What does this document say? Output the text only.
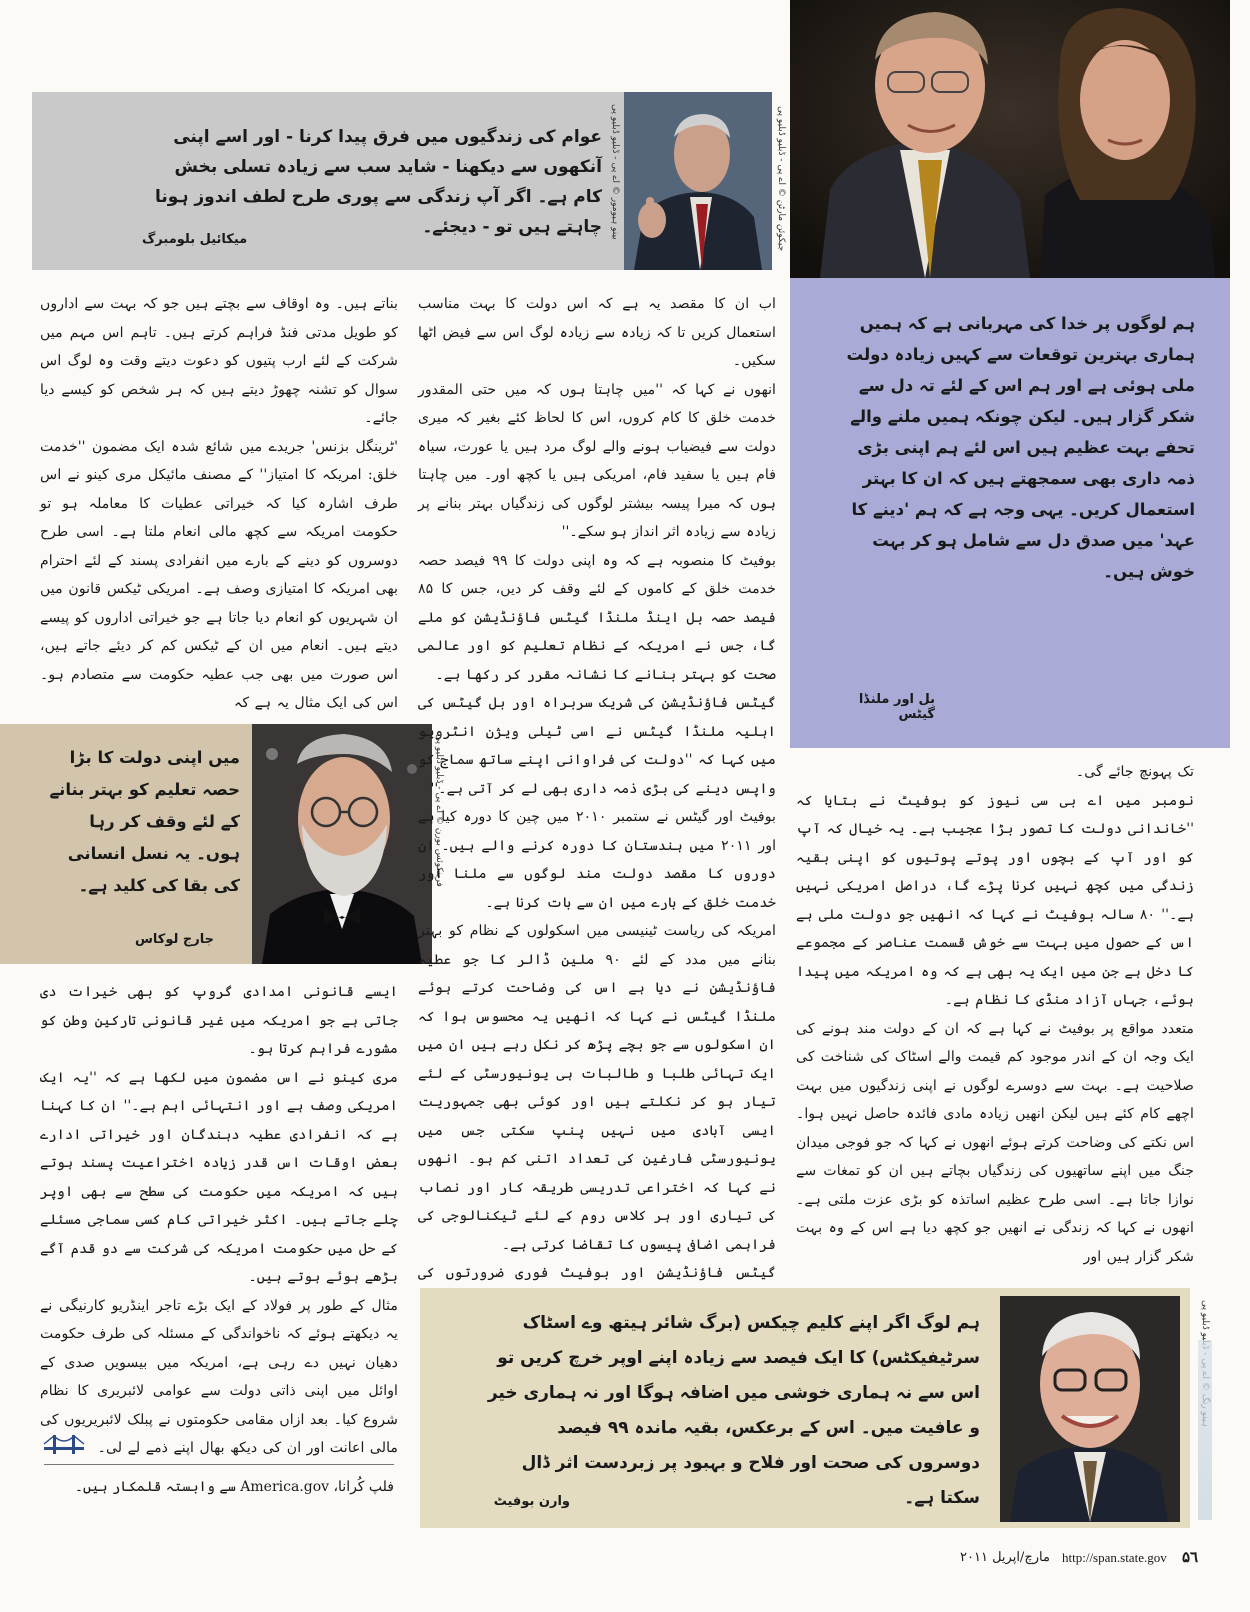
جیکوئن مارٹن © اے پی - ڈبلیو ڈبلیو پی
بینو ہیومور © اے پی - ڈبلیو ڈبلیو پی

عوام کی زندگیوں میں فرق پیدا کرنا - اور اسے اپنی آنکھوں سے دیکھنا - شاید سب سے زیادہ تسلی بخش کام ہے۔ اگر آپ زندگی سے پوری طرح لطف اندوز ہونا چاہتے ہیں تو - دیجئے۔

میکائیل بلومبرگ

ہم لوگوں پر خدا کی مہربانی ہے کہ ہمیں ہماری بہترین توقعات سے کہیں زیادہ دولت ملی ہوئی ہے اور ہم اس کے لئے تہ دل سے شکر گزار ہیں۔ لیکن چونکہ ہمیں ملنے والے تحفے بہت عظیم ہیں اس لئے ہم اپنی بڑی ذمہ داری بھی سمجھتے ہیں کہ ان کا بہتر استعمال کریں۔ یہی وجہ ہے کہ ہم 'دینے کا عہد' میں صدق دل سے شامل ہو کر بہت خوش ہیں۔

بل اور ملنڈا گیٹس

بناتے ہیں۔ وہ اوقاف سے بچتے ہیں جو کہ بہت سے اداروں کو طویل مدتی فنڈ فراہم کرتے ہیں۔ تاہم اس مہم میں شرکت کے لئے ارب پتیوں کو دعوت دیتے وقت وہ لوگ اس سوال کو تشنہ چھوڑ دیتے ہیں کہ ہر شخص کو کیسے دیا جائے۔

'ٹرینگل بزنس' جریدے میں شائع شدہ ایک مضمون ''خدمت خلق: امریکہ کا امتیاز'' کے مصنف مائیکل مری کینو نے اس طرف اشارہ کیا کہ خیراتی عطیات کا معاملہ ہو تو حکومت امریکہ سے کچھ مالی انعام ملتا ہے۔ اسی طرح دوسروں کو دینے کے بارے میں انفرادی پسند کے لئے احترام بھی امریکہ کا امتیازی وصف ہے۔ امریکی ٹیکس قانون میں ان شہریوں کو انعام دیا جاتا ہے جو خیراتی اداروں کو پیسے دیتے ہیں۔ انعام میں ان کے ٹیکس کم کر دیئے جاتے ہیں، اس صورت میں بھی جب عطیہ حکومت سے متصادم ہو۔ اس کی ایک مثال یہ ہے کہ

فرینکوئس بورن © اے پی - ڈبلیو ڈبلیو پی

میں اپنی دولت کا بڑا حصہ تعلیم کو بہتر بنانے کے لئے وقف کر رہا ہوں۔ یہ نسل انسانی کی بقا کی کلید ہے۔

جارج لوکاس

ایسے قانونی امدادی گروپ کو بھی خیرات دی جاتی ہے جو امریکہ میں غیر قانونی تارکین وطن کو مشورے فراہم کرتا ہو۔

مری کینو نے اس مضمون میں لکھا ہے کہ ''یہ ایک امریکی وصف ہے اور انتہائی اہم ہے۔'' ان کا کہنا ہے کہ انفرادی عطیہ دہندگان اور خیراتی ادارے بعض اوقات اس قدر زیادہ اختراعیت پسند ہوتے ہیں کہ امریکہ میں حکومت کی سطح سے بھی اوپر چلے جاتے ہیں۔ اکثر خیراتی کام کسی سماجی مسئلے کے حل میں حکومت امریکہ کی شرکت سے دو قدم آگے بڑھے ہوئے ہوتے ہیں۔

مثال کے طور پر فولاد کے ایک بڑے تاجر اینڈریو کارنیگی نے یہ دیکھتے ہوئے کہ ناخواندگی کے مسئلہ کی طرف حکومت دھیان نہیں دے رہی ہے، امریکہ میں بیسویں صدی کے اوائل میں اپنی ذاتی دولت سے عوامی لائبریری کا نظام شروع کیا۔ بعد ازاں مقامی حکومتوں نے پبلک لائبریریوں کی مالی اعانت اور ان کی دیکھ بھال اپنے ذمے لے لی۔

فلپ کُرانا، America.gov سے وابستہ قلمکار ہیں۔

اب ان کا مقصد یہ ہے کہ اس دولت کا بہت مناسب استعمال کریں تا کہ زیادہ سے زیادہ لوگ اس سے فیض اٹھا سکیں۔

انھوں نے کہا کہ ''میں چاہتا ہوں کہ میں حتی المقدور خدمت خلق کا کام کروں، اس کا لحاظ کئے بغیر کہ میری دولت سے فیضیاب ہونے والے لوگ مرد ہیں یا عورت، سیاہ فام ہیں یا سفید فام، امریکی ہیں یا کچھ اور۔ میں چاہتا ہوں کہ میرا پیسہ بیشتر لوگوں کی زندگیاں بہتر بنانے پر زیادہ سے زیادہ اثر انداز ہو سکے۔''

بوفیٹ کا منصوبہ ہے کہ وہ اپنی دولت کا ۹۹ فیصد حصہ خدمت خلق کے کاموں کے لئے وقف کر دیں، جس کا ۸۵ فیصد حصہ بل اینڈ ملنڈا گیٹس فاؤنڈیشن کو ملے گا، جس نے امریکہ کے نظام تعلیم کو اور عالمی صحت کو بہتر بنانے کا نشانہ مقرر کر رکھا ہے۔

گیٹس فاؤنڈیشن کی شریک سربراہ اور بل گیٹس کی اہلیہ ملنڈا گیٹس نے اسی ٹیلی ویژن انٹرویو میں کہا کہ ''دولت کی فراوانی اپنے ساتھ سماج کو واپس دینے کی بڑی ذمہ داری بھی لے کر آتی ہے۔''

بوفیٹ اور گیٹس نے ستمبر ۲۰۱۰ میں چین کا دورہ کیا ہے اور ۲۰۱۱ میں ہندستان کا دورہ کرنے والے ہیں۔ ان دوروں کا مقصد دولت مند لوگوں سے ملنا اور خدمت خلق کے بارے میں ان سے بات کرنا ہے۔

امریکہ کی ریاست ٹینیسی میں اسکولوں کے نظام کو بہتر بنانے میں مدد کے لئے ۹۰ ملین ڈالر کا جو عطیہ فاؤنڈیشن نے دیا ہے اس کی وضاحت کرتے ہوئے ملنڈا گیٹس نے کہا کہ انھیں یہ محسوس ہوا کہ ان اسکولوں سے جو بچے پڑھ کر نکل رہے ہیں ان میں ایک تہائی طلبا و طالبات ہی یونیورسٹی کے لئے تیار ہو کر نکلتے ہیں اور کوئی بھی جمہوریت ایسی آبادی میں نہیں پنپ سکتی جس میں یونیورسٹی فارغین کی تعداد اتنی کم ہو۔ انھوں نے کہا کہ اختراعی تدریسی طریقہ کار اور نصاب کی تیاری اور ہر کلاس روم کے لئے ٹیکنالوجی کی فراہمی اضافی پیسوں کا تقاضا کرتی ہے۔

گیٹس فاؤنڈیشن اور بوفیٹ فوری ضرورتوں کی

تک پہونچ جائے گی۔

نومبر میں اے بی سی نیوز کو بوفیٹ نے بتایا کہ ''خاندانی دولت کا تصور بڑا عجیب ہے۔ یہ خیال کہ آپ کو اور آپ کے بچوں اور پوتے پوتیوں کو اپنی بقیہ زندگی میں کچھ نہیں کرنا پڑے گا، دراصل امریکی نہیں ہے۔'' ۸۰ سالہ بوفیٹ نے کہا کہ انھیں جو دولت ملی ہے اس کے حصول میں بہت سے خوش قسمت عناصر کے مجموعے کا دخل ہے جن میں ایک یہ بھی ہے کہ وہ امریکہ میں پیدا ہوئے، جہاں آزاد منڈی کا نظام ہے۔

متعدد مواقع پر بوفیٹ نے کہا ہے کہ ان کے دولت مند ہونے کی ایک وجہ ان کے اندر موجود کم قیمت والے اسٹاک کی شناخت کی صلاحیت ہے۔ بہت سے دوسرے لوگوں نے اپنی زندگیوں میں بہت اچھے کام کئے ہیں لیکن انھیں زیادہ مادی فائدہ حاصل نہیں ہوا۔ اس نکتے کی وضاحت کرتے ہوئے انھوں نے کہا کہ جو فوجی میدان جنگ میں اپنے ساتھیوں کی زندگیاں بچاتے ہیں ان کو تمغات سے نوازا جاتا ہے۔ اسی طرح عظیم اساتذہ کو بڑی عزت ملتی ہے۔ انھوں نے کہا کہ زندگی نے انھیں جو کچھ دیا ہے اس کے وہ بہت شکر گزار ہیں اور

ہم لوگ اگر اپنے کلیم چیکس (برگ شائر ہیتھ وے اسٹاک سرٹیفیکٹس) کا ایک فیصد سے زیادہ اپنے اوپر خرچ کریں تو اس سے نہ ہماری خوشی میں اضافہ ہوگا اور نہ ہماری خیر و عافیت میں۔ اس کے برعکس، بقیہ ماندہ ۹۹ فیصد دوسروں کی صحت اور فلاح و بہبود پر زبردست اثر ڈال سکتا ہے۔

وارن بوفیٹ
مارچ/اپریل ۲۰۱۱ http://span.state.gov ۵٦
